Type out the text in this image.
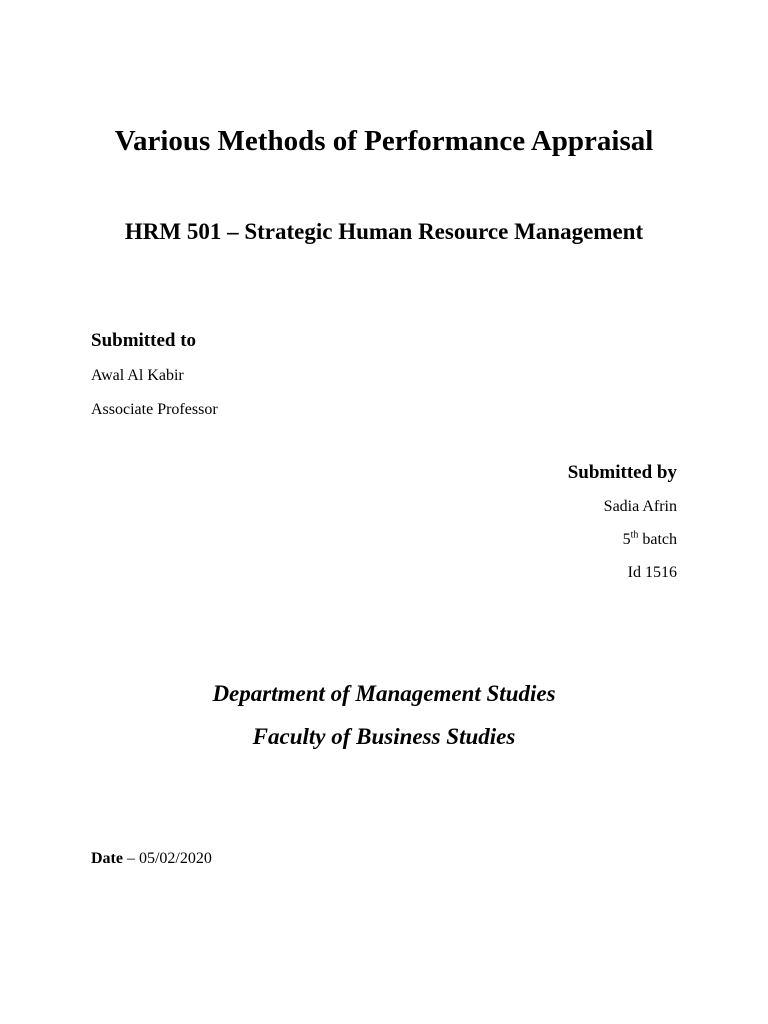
Various Methods of Performance Appraisal
HRM 501 – Strategic Human Resource Management
Submitted to
Awal Al Kabir
Associate Professor
Submitted by
Sadia Afrin
5th batch
Id 1516
Department of Management Studies
Faculty of Business Studies
Date – 05/02/2020
